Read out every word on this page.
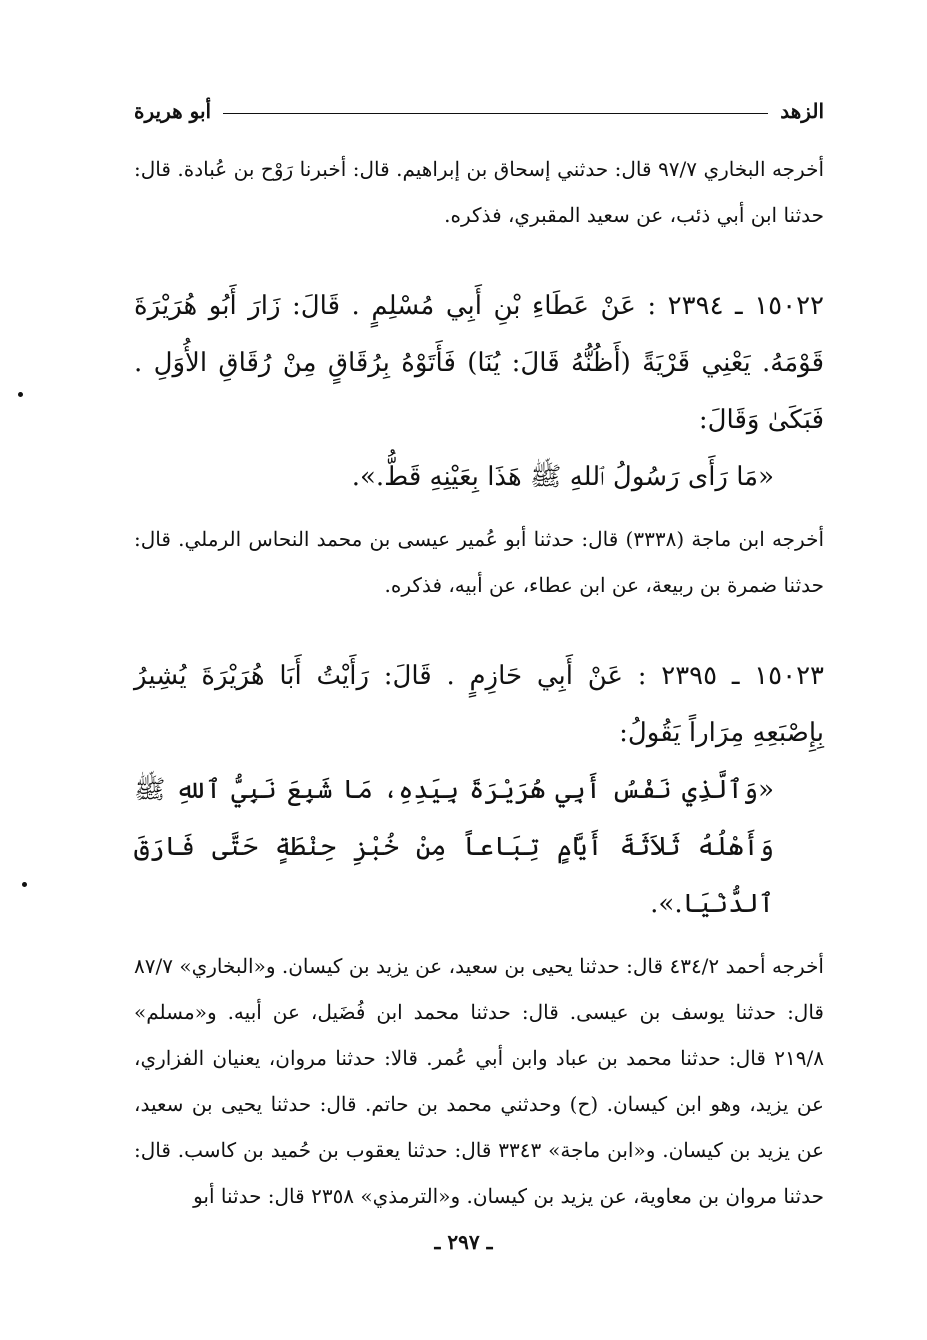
الزهد
أبو هريرة

أخرجه البخاري ٩٧/٧ قال: حدثني إسحاق بن إبراهيم. قال: أخبرنا رَوْح بن عُبادة. قال: حدثنا ابن أبي ذئب، عن سعيد المقبري، فذكره.

١٥٠٢٢ ـ ٢٣٩٤ : عَنْ عَطَاءِ بْنِ أَبِي مُسْلِمٍ . قَالَ: زَارَ أَبُو هُرَيْرَةَ قَوْمَهُ. يَعْنِي قَرْيَةً (أَظُنُّهُ قَالَ: يُنَا) فَأَتَوْهُ بِرُقَاقٍ مِنْ رُقَاقِ الأُوَلِ . فَبَكَىٰ وَقَالَ:

«مَا رَأَى رَسُولُ ٱللهِ ﷺ هَذَا بِعَيْنِهِ قَطُّ.».

أخرجه ابن ماجة (٣٣٣٨) قال: حدثنا أبو عُمير عيسى بن محمد النحاس الرملي. قال: حدثنا ضمرة بن ربيعة، عن ابن عطاء، عن أبيه، فذكره.

١٥٠٢٣ ـ ٢٣٩٥ : عَنْ أَبِي حَازِمٍ . قَالَ: رَأَيْتُ أَبَا هُرَيْرَةَ يُشِيرُ بِإِصْبَعِهِ مِرَاراً يَقُولُ:

«وَٱلَّذِي نَفْسُ أَبِي هُرَيْرَةَ بِيَدِهِ، مَا شَبِعَ نَبِيُّ ٱللهِ ﷺ وَأَهْلُهُ ثَلاَثَةَ أَيَّامٍ تِبَاعاً مِنْ خُبْزِ حِنْطَةٍ حَتَّى فَارَقَ ٱلدُّنْيَا.».

أخرجه أحمد ٤٣٤/٢ قال: حدثنا يحيى بن سعيد، عن يزيد بن كيسان. و«البخاري» ٨٧/٧ قال: حدثنا يوسف بن عيسى. قال: حدثنا محمد ابن فُضَيل، عن أبيه. و«مسلم» ٢١٩/٨ قال: حدثنا محمد بن عباد وابن أبي عُمر. قالا: حدثنا مروان، يعنيان الفزاري، عن يزيد، وهو ابن كيسان. (ح) وحدثني محمد بن حاتم. قال: حدثنا يحيى بن سعيد، عن يزيد بن كيسان. و«ابن ماجة» ٣٣٤٣ قال: حدثنا يعقوب بن حُميد بن كاسب. قال: حدثنا مروان بن معاوية، عن يزيد بن كيسان. و«الترمذي» ٢٣٥٨ قال: حدثنا أبو

ـ ٢٩٧ ـ
